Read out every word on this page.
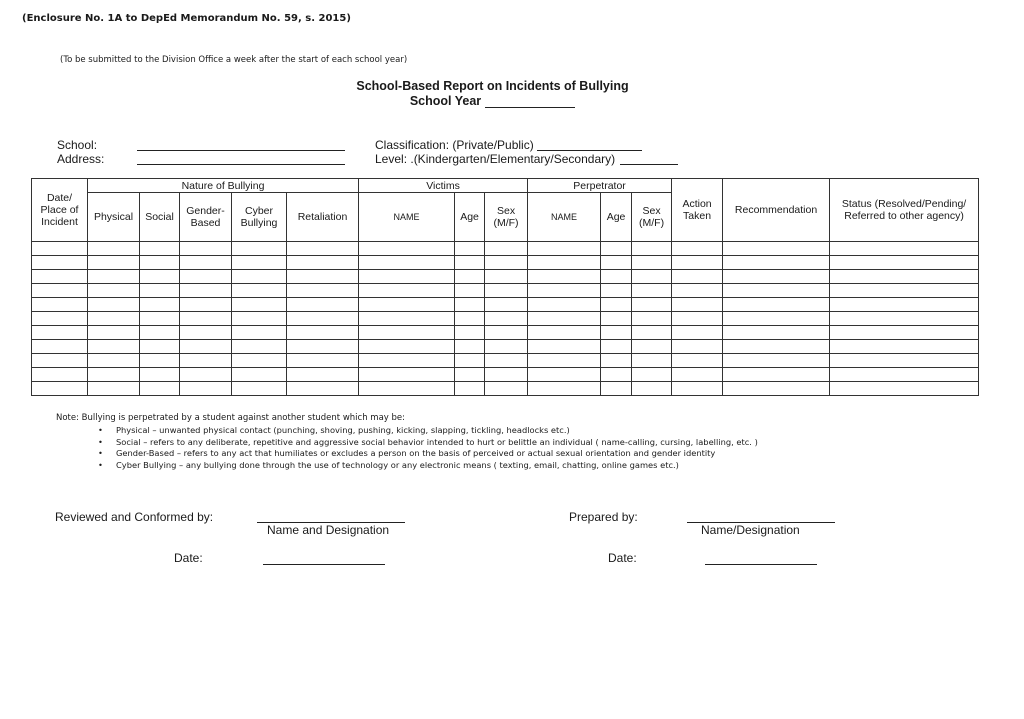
(Enclosure No. 1A to DepEd Memorandum No. 59, s. 2015)
(To be submitted to the Division Office a week after the start of each school year)
School-Based Report on Incidents of Bullying
School Year
School:
Address:
Classification: (Private/Public)
Level: .(Kindergarten/Elementary/Secondary)
Date/ Place of Incident	Nature of Bullying					Victims			Perpetrator			Action Taken	Recommendation	Status (Resolved/Pending/ Referred to other agency)
	Physical	Social	Gender- Based	Cyber Bullying	Retaliation	NAME	Age	Sex (M/F)	NAME	Age	Sex (M/F)			

Note: Bullying is perpetrated by a student against another student which may be:
• Physical – unwanted physical contact (punching, shoving, pushing, kicking, slapping, tickling, headlocks etc.)
• Social – refers to any deliberate, repetitive and aggressive social behavior intended to hurt or belittle an individual ( name-calling, cursing, labelling, etc. )
• Gender-Based – refers to any act that humiliates or excludes a person on the basis of perceived or actual sexual orientation and gender identity
• Cyber Bullying – any bullying done through the use of technology or any electronic means ( texting, email, chatting, online games etc.)
Reviewed and Conformed by:
Name and Designation
Date:
Prepared by:
Name/Designation
Date:
